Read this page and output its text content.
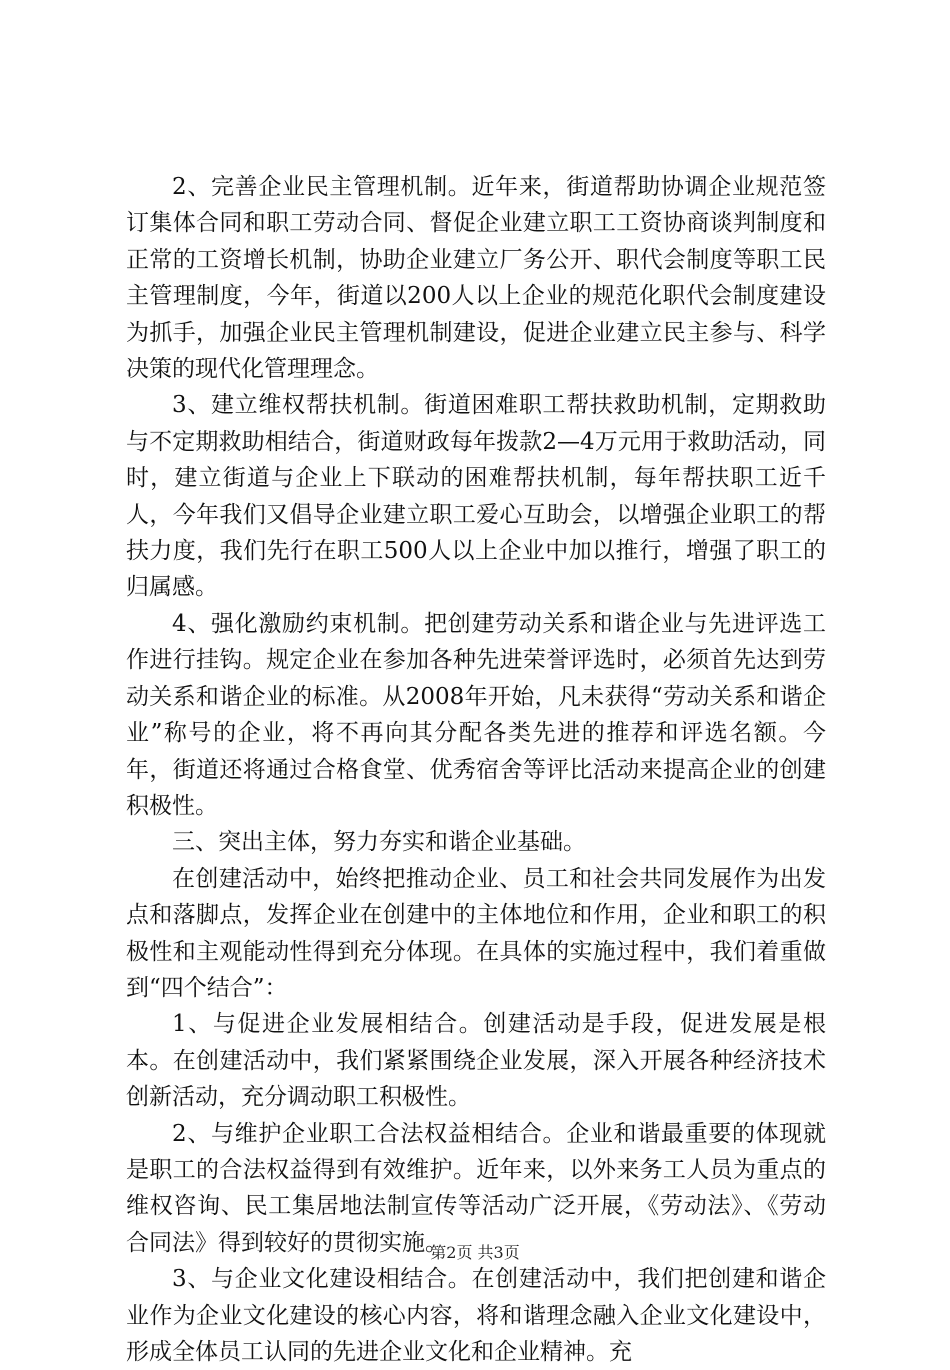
2、完善企业民主管理机制。近年来，街道帮助协调企业规范签订集体合同和职工劳动合同、督促企业建立职工工资协商谈判制度和正常的工资增长机制，协助企业建立厂务公开、职代会制度等职工民主管理制度，今年，街道以200人以上企业的规范化职代会制度建设为抓手，加强企业民主管理机制建设，促进企业建立民主参与、科学决策的现代化管理理念。

3、建立维权帮扶机制。街道困难职工帮扶救助机制，定期救助与不定期救助相结合，街道财政每年拨款2—4万元用于救助活动，同时，建立街道与企业上下联动的困难帮扶机制，每年帮扶职工近千人，今年我们又倡导企业建立职工爱心互助会，以增强企业职工的帮扶力度，我们先行在职工500人以上企业中加以推行，增强了职工的归属感。

4、强化激励约束机制。把创建劳动关系和谐企业与先进评选工作进行挂钩。规定企业在参加各种先进荣誉评选时，必须首先达到劳动关系和谐企业的标准。从2008年开始，凡未获得“劳动关系和谐企业”称号的企业，将不再向其分配各类先进的推荐和评选名额。今年，街道还将通过合格食堂、优秀宿舍等评比活动来提高企业的创建积极性。

三、突出主体，努力夯实和谐企业基础。

在创建活动中，始终把推动企业、员工和社会共同发展作为出发点和落脚点，发挥企业在创建中的主体地位和作用，企业和职工的积极性和主观能动性得到充分体现。在具体的实施过程中，我们着重做到“四个结合”：

1、与促进企业发展相结合。创建活动是手段，促进发展是根本。在创建活动中，我们紧紧围绕企业发展，深入开展各种经济技术创新活动，充分调动职工积极性。

2、与维护企业职工合法权益相结合。企业和谐最重要的体现就是职工的合法权益得到有效维护。近年来，以外来务工人员为重点的维权咨询、民工集居地法制宣传等活动广泛开展，《劳动法》、《劳动合同法》得到较好的贯彻实施。

3、与企业文化建设相结合。在创建活动中，我们把创建和谐企业作为企业文化建设的核心内容，将和谐理念融入企业文化建设中，形成全体员工认同的先进企业文化和企业精神。充

第2页 共3页
